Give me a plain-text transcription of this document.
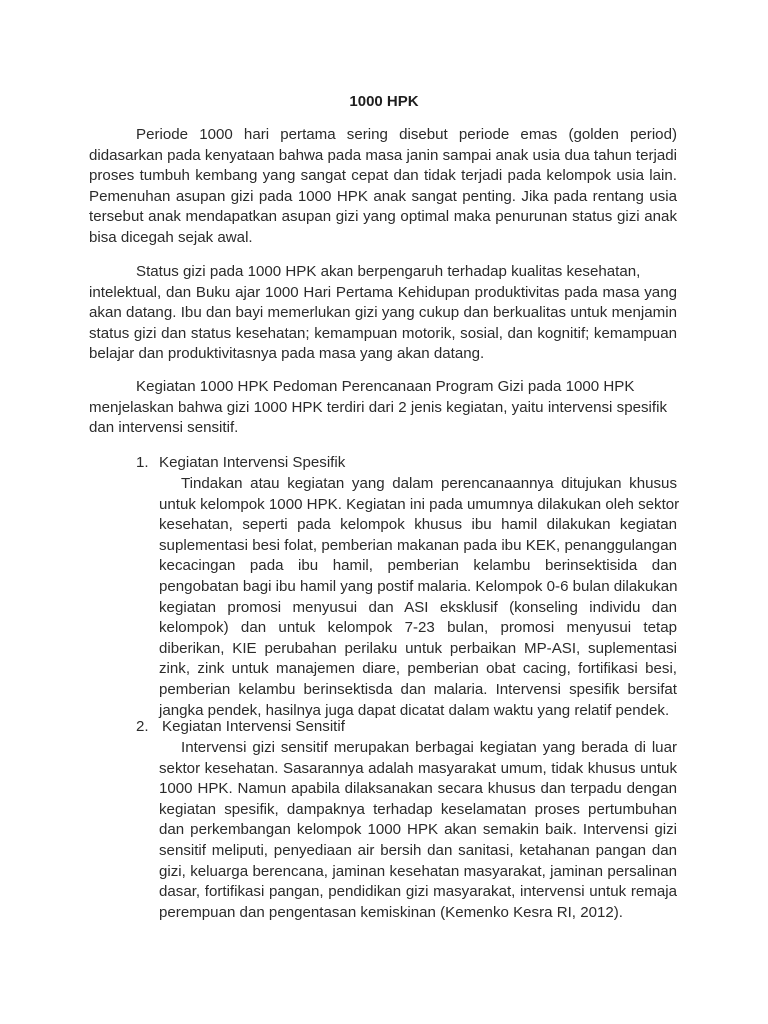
1000 HPK
Periode 1000 hari pertama sering disebut periode emas (golden period)
didasarkan pada kenyataan bahwa pada masa janin sampai anak usia dua tahun terjadi
proses tumbuh kembang yang sangat cepat dan tidak terjadi pada kelompok usia lain.
Pemenuhan asupan gizi pada 1000 HPK anak sangat penting. Jika pada rentang usia
tersebut anak mendapatkan asupan gizi yang optimal maka penurunan status gizi anak
bisa dicegah sejak awal.
Status gizi pada 1000 HPK akan berpengaruh terhadap kualitas kesehatan,
intelektual, dan Buku ajar 1000 Hari Pertama Kehidupan produktivitas pada masa yang
akan datang. Ibu dan bayi memerlukan gizi yang cukup dan berkualitas untuk menjamin
status gizi dan status kesehatan; kemampuan motorik, sosial, dan kognitif; kemampuan
belajar dan produktivitasnya pada masa yang akan datang.
Kegiatan 1000 HPK Pedoman Perencanaan Program Gizi pada 1000 HPK
menjelaskan bahwa gizi 1000 HPK terdiri dari 2 jenis kegiatan, yaitu intervensi spesifik
dan intervensi sensitif.
1. Kegiatan Intervensi Spesifik
Tindakan atau kegiatan yang dalam perencanaannya ditujukan khusus
untuk kelompok 1000 HPK. Kegiatan ini pada umumnya dilakukan oleh sektor
kesehatan, seperti pada kelompok khusus ibu hamil dilakukan kegiatan
suplementasi besi folat, pemberian makanan pada ibu KEK, penanggulangan
kecacingan pada ibu hamil, pemberian kelambu berinsektisida dan
pengobatan bagi ibu hamil yang postif malaria. Kelompok 0-6 bulan dilakukan
kegiatan promosi menyusui dan ASI eksklusif (konseling individu dan
kelompok) dan untuk kelompok 7-23 bulan, promosi menyusui tetap
diberikan, KIE perubahan perilaku untuk perbaikan MP-ASI, suplementasi
zink, zink untuk manajemen diare, pemberian obat cacing, fortifikasi besi,
pemberian kelambu berinsektisda dan malaria. Intervensi spesifik bersifat
jangka pendek, hasilnya juga dapat dicatat dalam waktu yang relatif pendek.
2. Kegiatan Intervensi Sensitif
Intervensi gizi sensitif merupakan berbagai kegiatan yang berada di luar
sektor kesehatan. Sasarannya adalah masyarakat umum, tidak khusus untuk
1000 HPK. Namun apabila dilaksanakan secara khusus dan terpadu dengan
kegiatan spesifik, dampaknya terhadap keselamatan proses pertumbuhan
dan perkembangan kelompok 1000 HPK akan semakin baik. Intervensi gizi
sensitif meliputi, penyediaan air bersih dan sanitasi, ketahanan pangan dan
gizi, keluarga berencana, jaminan kesehatan masyarakat, jaminan persalinan
dasar, fortifikasi pangan, pendidikan gizi masyarakat, intervensi untuk remaja
perempuan dan pengentasan kemiskinan (Kemenko Kesra RI, 2012).
